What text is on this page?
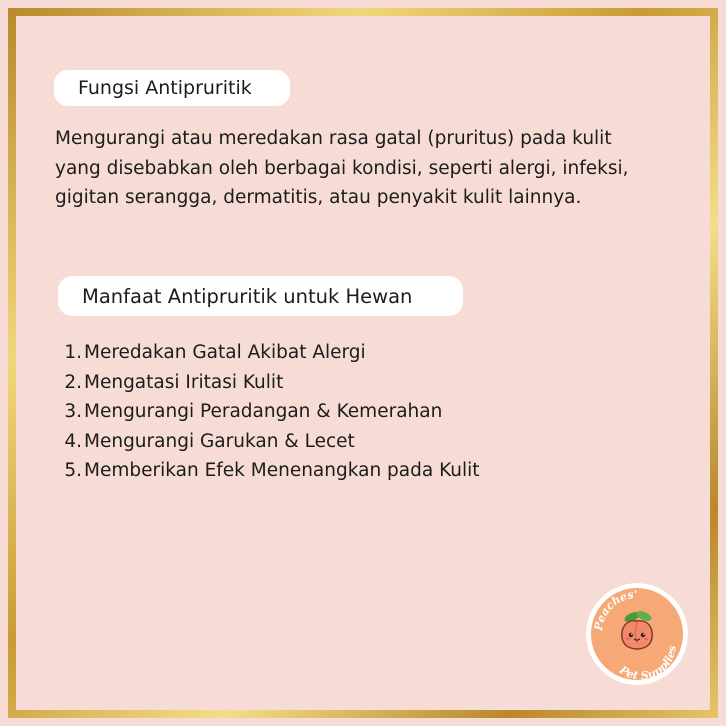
Fungsi Antipruritik
Mengurangi atau meredakan rasa gatal (pruritus) pada kulit
yang disebabkan oleh berbagai kondisi, seperti alergi, infeksi,
gigitan serangga, dermatitis, atau penyakit kulit lainnya.
Manfaat Antipruritik untuk Hewan
1. Meredakan Gatal Akibat Alergi
2. Mengatasi Iritasi Kulit
3. Mengurangi Peradangan & Kemerahan
4. Mengurangi Garukan & Lecet
5. Memberikan Efek Menenangkan pada Kulit
Peaches'
Pet Supplies
